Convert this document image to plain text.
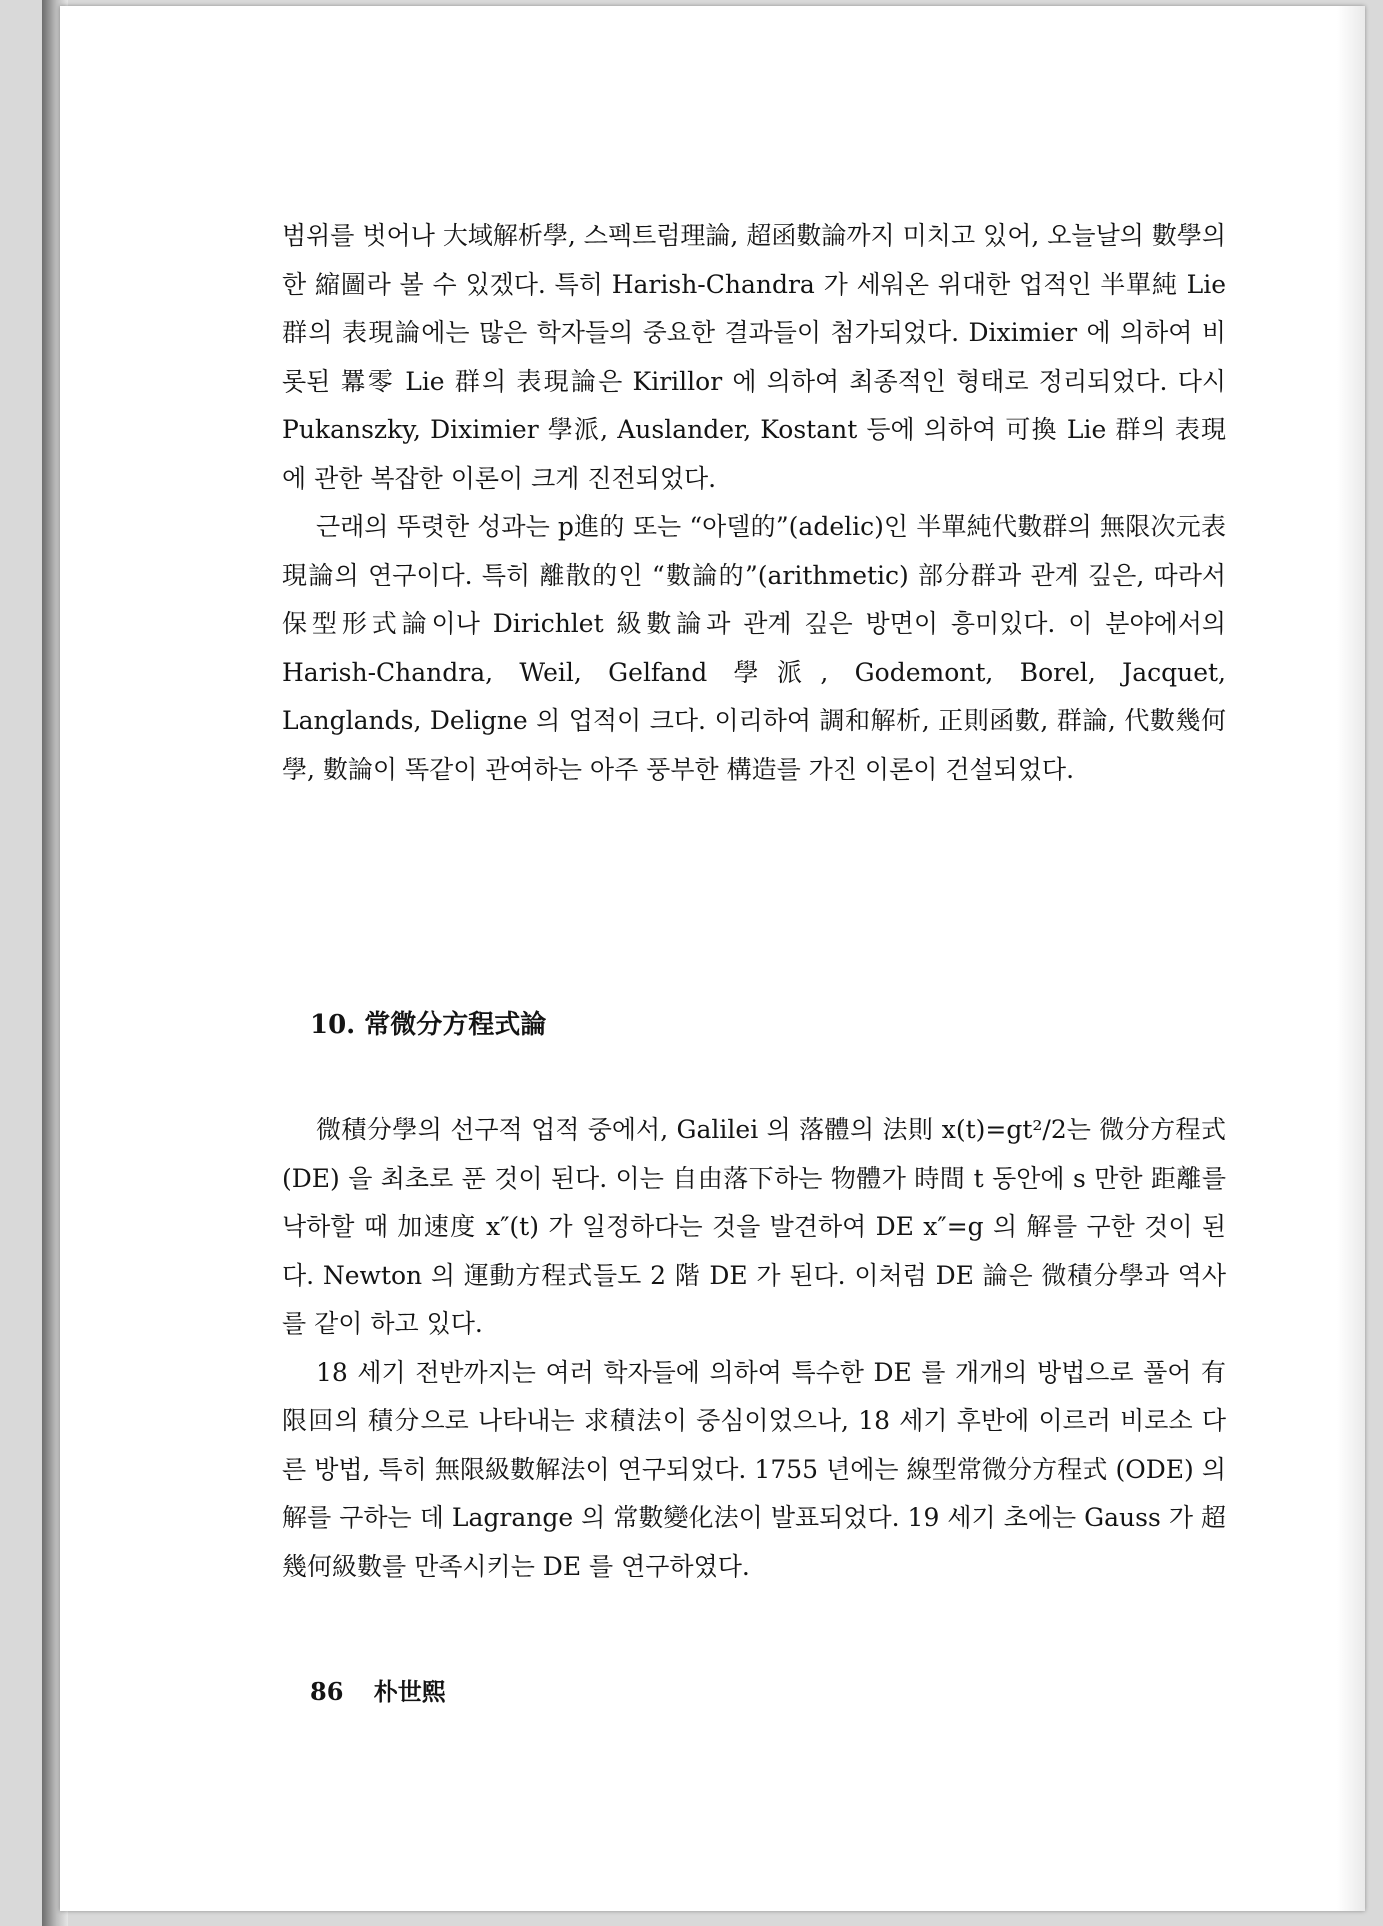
범위를 벗어나 大域解析學, 스펙트럼理論, 超函數論까지 미치고 있어, 오늘날의 數學의 한 縮圖라 볼 수 있겠다. 특히 Harish-Chandra 가 세워온 위대한 업적인 半單純 Lie 群의 表現論에는 많은 학자들의 중요한 결과들이 첨가되었다. Diximier 에 의하여 비롯된 羃零 Lie 群의 表現論은 Kirillor 에 의하여 최종적인 형태로 정리되었다. 다시 Pukanszky, Diximier 學派, Auslander, Kostant 등에 의하여 可換 Lie 群의 表現에 관한 복잡한 이론이 크게 진전되었다.

근래의 뚜렷한 성과는 p進的 또는 “아델的”(adelic)인 半單純代數群의 無限次元表現論의 연구이다. 특히 離散的인 “數論的”(arithmetic) 部分群과 관계 깊은, 따라서 保型形式論이나 Dirichlet 級數論과 관계 깊은 방면이 흥미있다. 이 분야에서의 Harish-Chandra, Weil, Gelfand 學派, Godemont, Borel, Jacquet, Langlands, Deligne 의 업적이 크다. 이리하여 調和解析, 正則函數, 群論, 代數幾何學, 數論이 똑같이 관여하는 아주 풍부한 構造를 가진 이론이 건설되었다.

10. 常微分方程式論

微積分學의 선구적 업적 중에서, Galilei 의 落體의 法則 x(t)=gt²/2는 微分方程式 (DE) 을 최초로 푼 것이 된다. 이는 自由落下하는 物體가 時間 t 동안에 s 만한 距離를 낙하할 때 加速度 x″(t) 가 일정하다는 것을 발견하여 DE x″=g 의 解를 구한 것이 된다. Newton 의 運動方程式들도 2 階 DE 가 된다. 이처럼 DE 論은 微積分學과 역사를 같이 하고 있다.

18 세기 전반까지는 여러 학자들에 의하여 특수한 DE 를 개개의 방법으로 풀어 有限回의 積分으로 나타내는 求積法이 중심이었으나, 18 세기 후반에 이르러 비로소 다른 방법, 특히 無限級數解法이 연구되었다. 1755 년에는 線型常微分方程式 (ODE) 의 解를 구하는 데 Lagrange 의 常數變化法이 발표되었다. 19 세기 초에는 Gauss 가 超幾何級數를 만족시키는 DE 를 연구하였다.

86 朴世熙
